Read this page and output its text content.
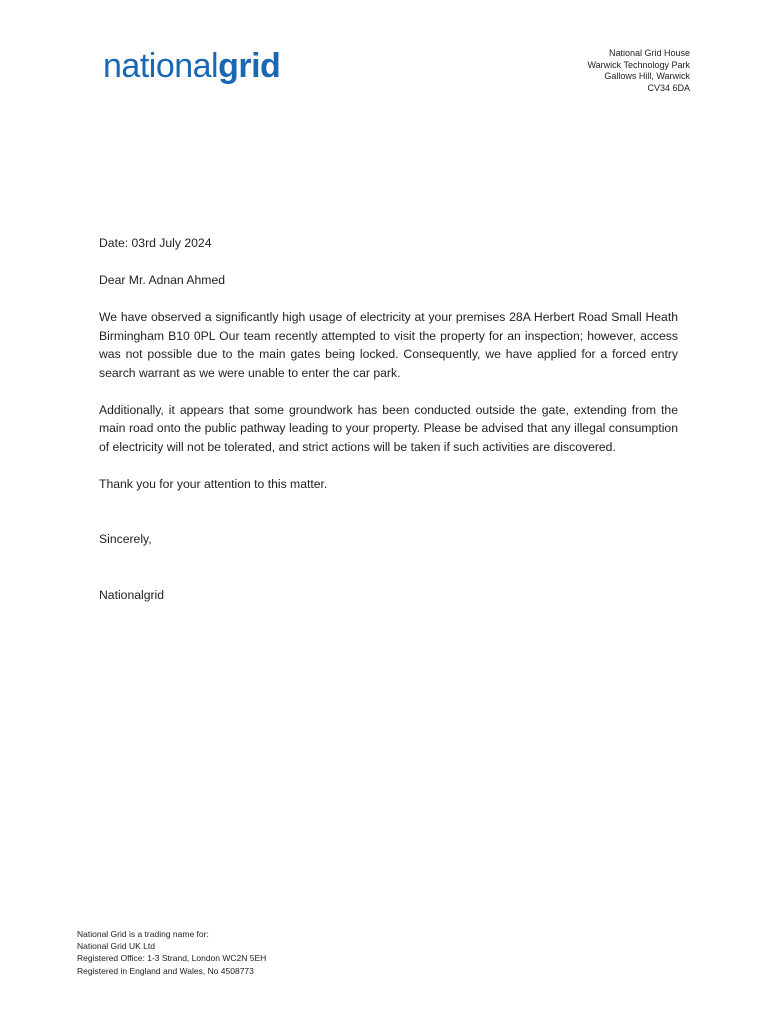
nationalgrid	National Grid House
Warwick Technology Park
Gallows Hill, Warwick
CV34 6DA

Date: 03rd July 2024

Dear Mr. Adnan Ahmed

We have observed a significantly high usage of electricity at your premises 28A Herbert Road Small Heath Birmingham B10 0PL Our team recently attempted to visit the property for an inspection; however, access was not possible due to the main gates being locked. Consequently, we have applied for a forced entry search warrant as we were unable to enter the car park.

Additionally, it appears that some groundwork has been conducted outside the gate, extending from the main road onto the public pathway leading to your property. Please be advised that any illegal consumption of electricity will not be tolerated, and strict actions will be taken if such activities are discovered.

Thank you for your attention to this matter.

Sincerely,

Nationalgrid

National Grid is a trading name for:
National Grid UK Ltd
Registered Office: 1-3 Strand, London WC2N 5EH
Registered in England and Wales, No 4508773
